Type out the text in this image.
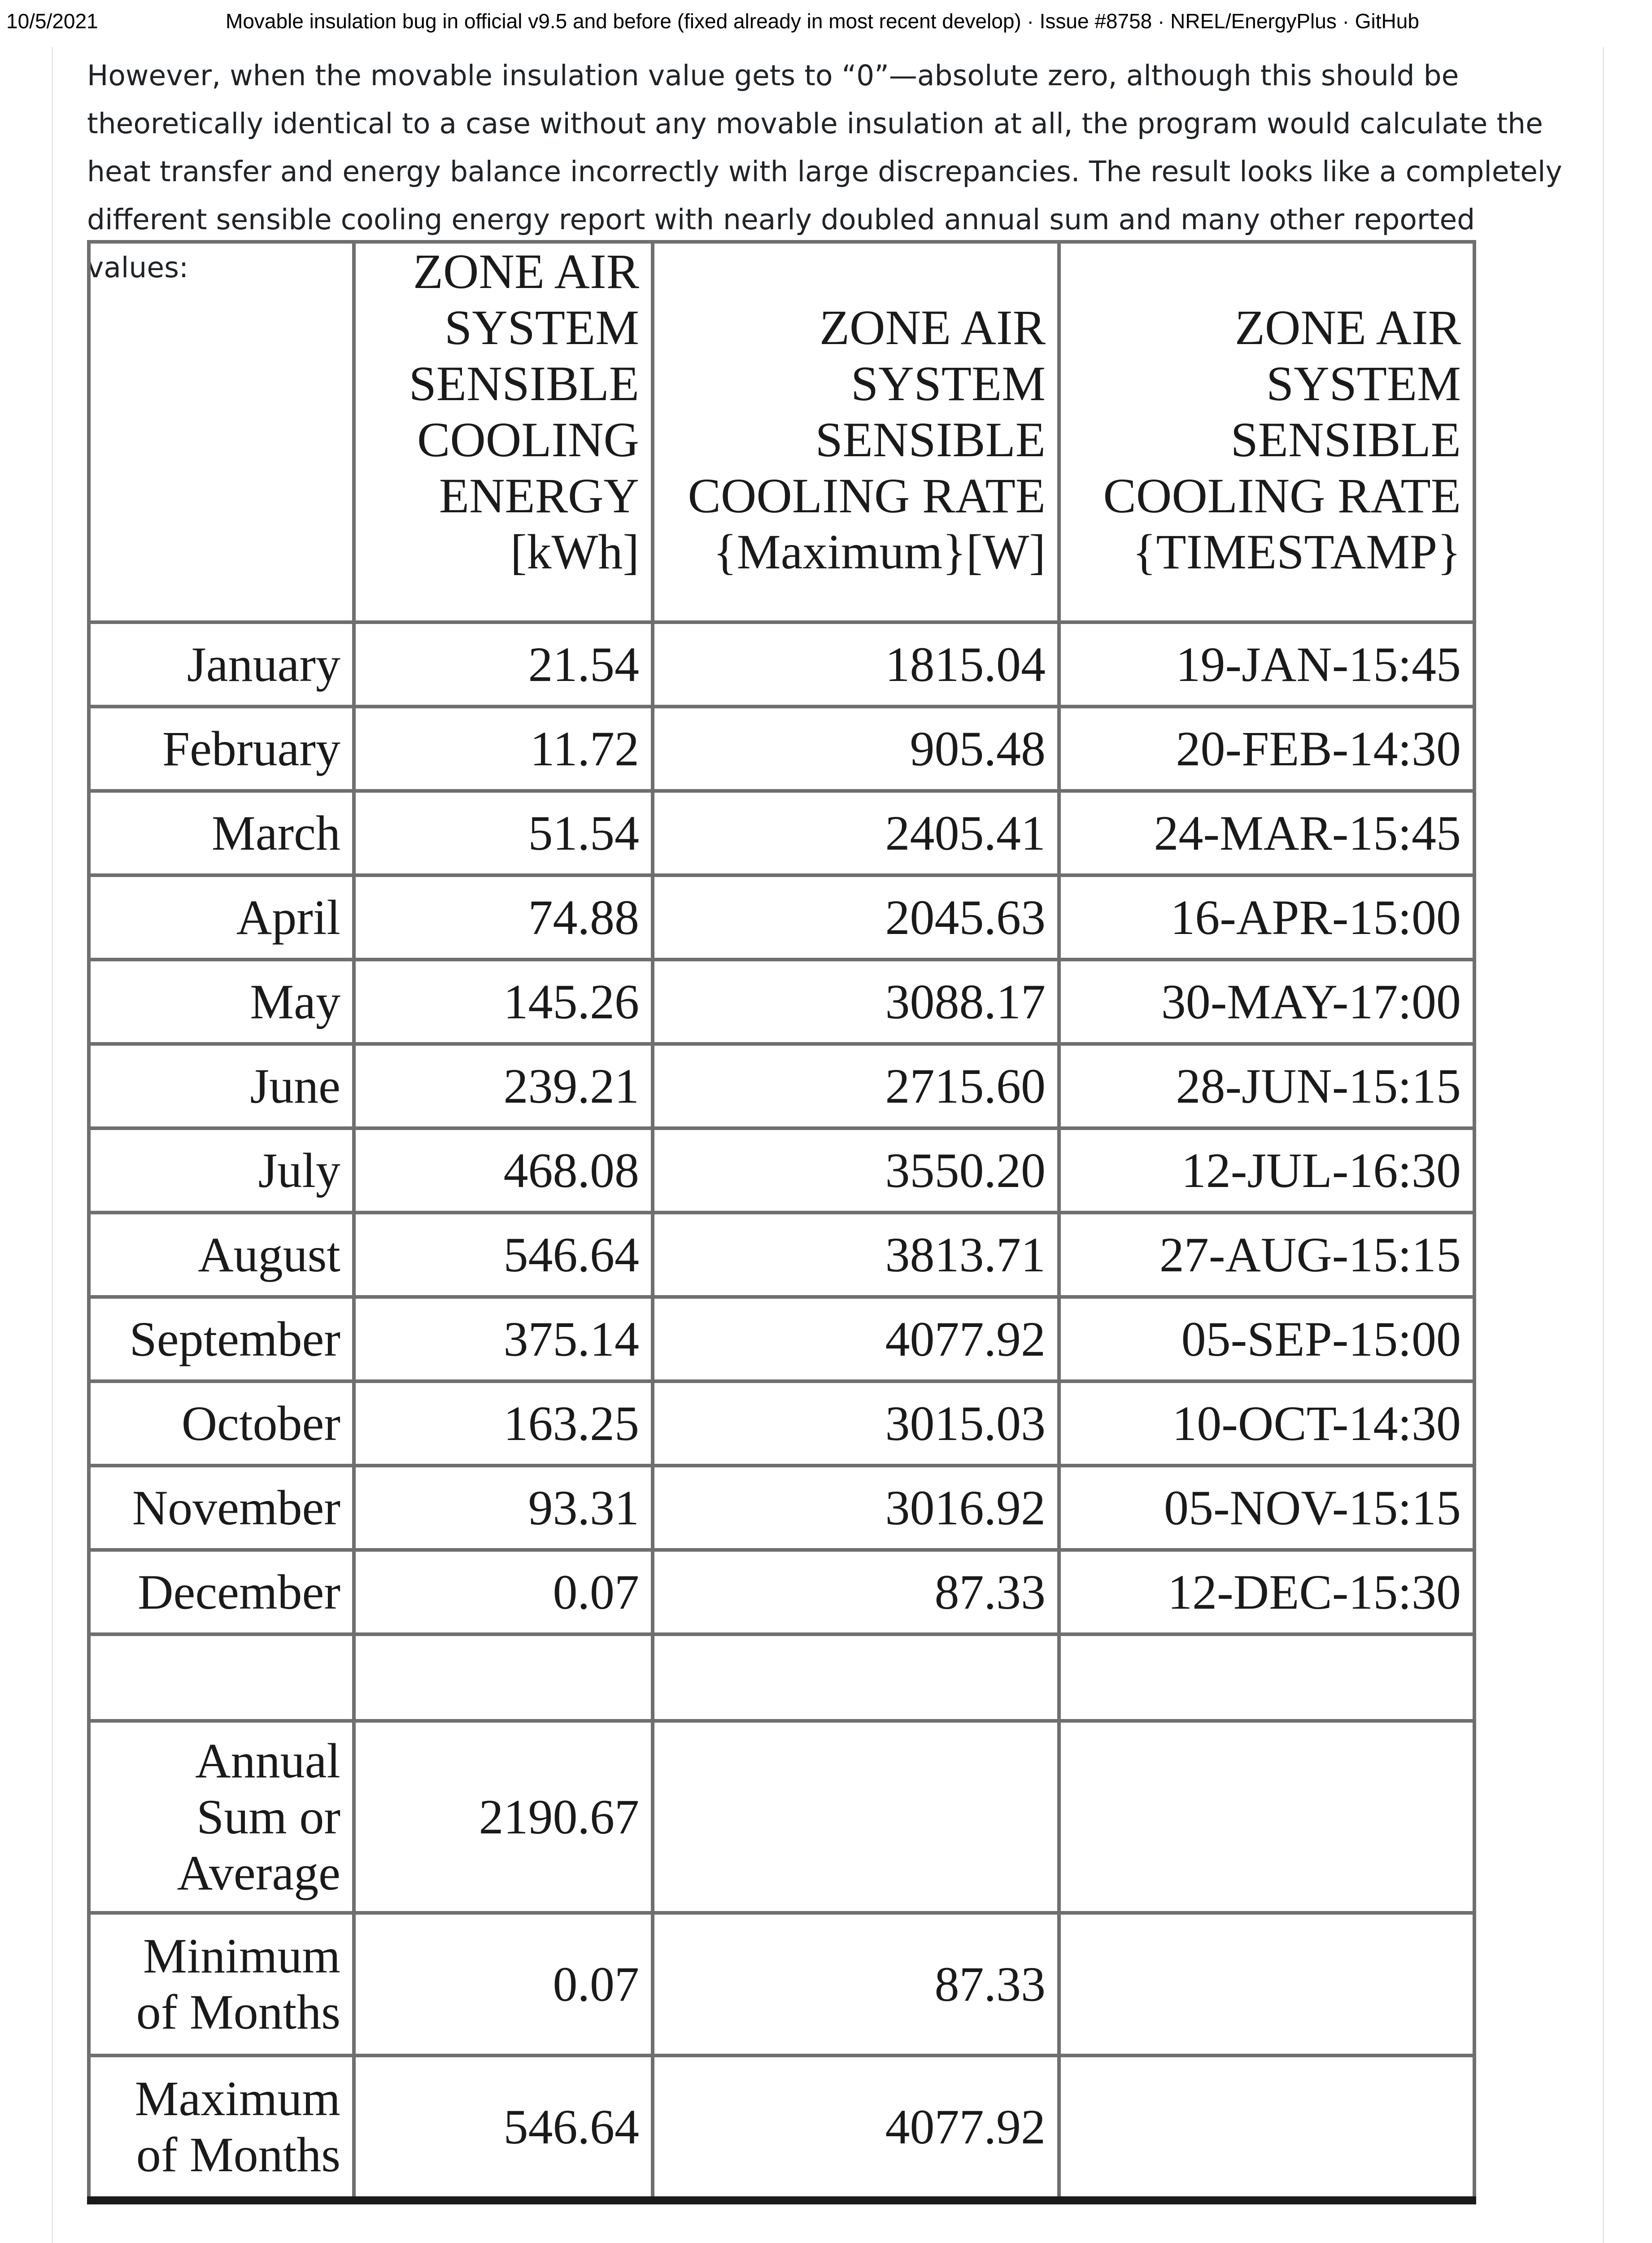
10/5/2021	Movable insulation bug in official v9.5 and before (fixed already in most recent develop) · Issue #8758 · NREL/EnergyPlus · GitHub

However, when the movable insulation value gets to “0”—absolute zero, although this should be theoretically identical to a case without any movable insulation at all, the program would calculate the heat transfer and energy balance incorrectly with large discrepancies. The result looks like a completely different sensible cooling energy report with nearly doubled annual sum and many other reported values:

		ZONE AIR SYSTEM SENSIBLE COOLING ENERGY [kWh]	ZONE AIR SYSTEM SENSIBLE COOLING RATE {Maximum}[W]	ZONE AIR SYSTEM SENSIBLE COOLING RATE {TIMESTAMP}
January	21.54	1815.04	19-JAN-15:45
February	11.72	905.48	20-FEB-14:30
March	51.54	2405.41	24-MAR-15:45
April	74.88	2045.63	16-APR-15:00
May	145.26	3088.17	30-MAY-17:00
June	239.21	2715.60	28-JUN-15:15
July	468.08	3550.20	12-JUL-16:30
August	546.64	3813.71	27-AUG-15:15
September	375.14	4077.92	05-SEP-15:00
October	163.25	3015.03	10-OCT-14:30
November	93.31	3016.92	05-NOV-15:15
December	0.07	87.33	12-DEC-15:30

Annual Sum or Average	2190.67		
Minimum of Months	0.07	87.33	
Maximum of Months	546.64	4077.92	
